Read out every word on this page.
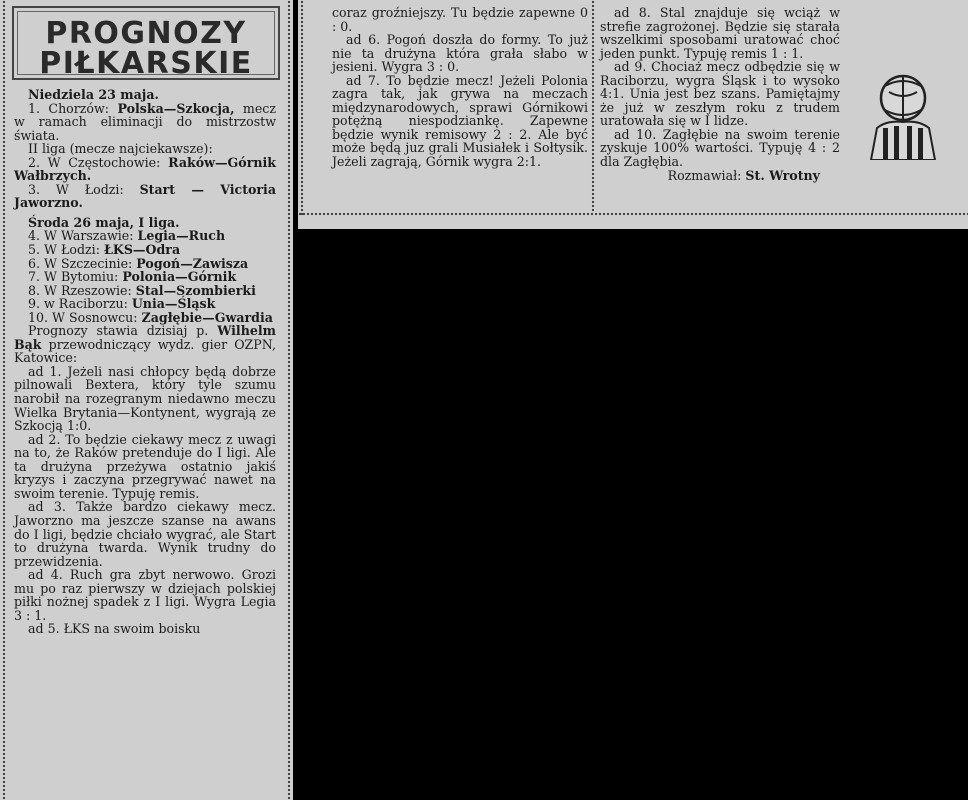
PROGNOZY
PIŁKARSKIE

Niedziela 23 maja.

1. Chorzów: Polska—Szkocja, mecz w ramach eliminacji do mistrzostw świata.

II liga (mecze najciekawsze):

2. W Częstochowie: Raków—Górnik Wałbrzych.

3. W Łodzi: Start — Victoria Jaworzno.

Środa 26 maja, I liga.

4. W Warszawie: Legia—Ruch

5. W Łodzi: ŁKS—Odra

6. W Szczecinie: Pogoń—Zawisza

7. W Bytomiu: Polonia—Górnik

8. W Rzeszowie: Stal—Szombierki

9. w Raciborzu: Unia—Śląsk

10. W Sosnowcu: Zagłębie—Gwardia

Prognozy stawia dzisiaj p. Wilhelm Bąk przewodniczący wydz. gier OZPN, Katowice:

ad 1. Jeżeli nasi chłopcy będą dobrze pilnowali Bextera, który tyle szumu narobił na rozegranym niedawno meczu Wielka Brytania—Kontynent, wygrają ze Szkocją 1:0.

ad 2. To będzie ciekawy mecz z uwagi na to, że Raków pretenduje do I ligi. Ale ta drużyna przeżywa ostatnio jakiś kryzys i zaczyna przegrywać nawet na swoim terenie. Typuję remis.

ad 3. Także bardzo ciekawy mecz. Jaworzno ma jeszcze szanse na awans do I ligi, będzie chciało wygrać, ale Start to drużyna twarda. Wynik trudny do przewidzenia.

ad 4. Ruch gra zbyt nerwowo. Grozi mu po raz pierwszy w dziejach polskiej piłki nożnej spadek z I ligi. Wygra Legia 3 : 1.

ad 5. ŁKS na swoim boisku

coraz groźniejszy. Tu będzie zapewne 0 : 0.

ad 6. Pogoń doszła do formy. To już nie ta drużyna która grała słabo w jesieni. Wygra 3 : 0.

ad 7. To będzie mecz! Jeżeli Polonia zagra tak, jak grywa na meczach międzynarodowych, sprawi Górnikowi potężną niespodziankę. Zapewne będzie wynik remisowy 2 : 2. Ale być może będą juz grali Musiałek i Sołtysik. Jeżeli zagrają, Górnik wygra 2:1.

ad 8. Stal znajduje się wciąż w strefie zagrożonej. Będzie się starała wszelkimi sposobami uratować choć jeden punkt. Typuję remis 1 : 1.

ad 9. Chociaż mecz odbędzie się w Raciborzu, wygra Śląsk i to wysoko 4:1. Unia jest bez szans. Pamiętajmy że już w zeszłym roku z trudem uratowała się w I lidze.

ad 10. Zagłębie na swoim terenie zyskuje 100% wartości. Typuję 4 : 2 dla Zagłębia.

Rozmawiał: St. Wrotny
